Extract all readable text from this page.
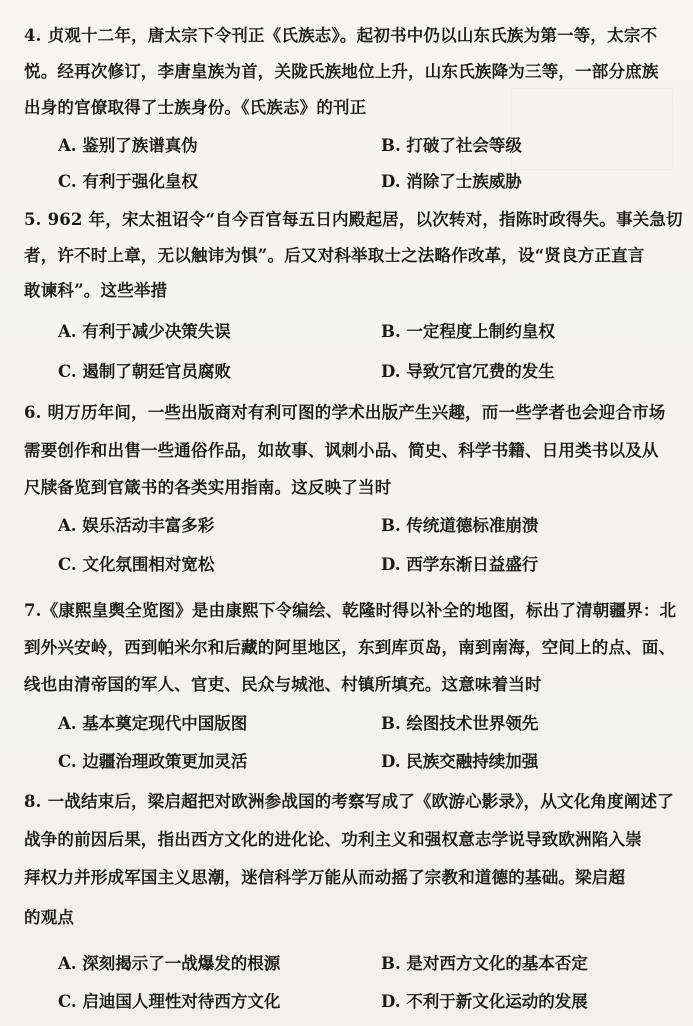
4. 贞观十二年，唐太宗下令刊正《氏族志》。起初书中仍以山东氏族为第一等，太宗不
悦。经再次修订，李唐皇族为首，关陇氏族地位上升，山东氏族降为三等，一部分庶族
出身的官僚取得了士族身份。《氏族志》的刊正
A. 鉴别了族谱真伪	B. 打破了社会等级
C. 有利于强化皇权	D. 消除了士族威胁
5. 962 年，宋太祖诏令“自今百官每五日内殿起居，以次转对，指陈时政得失。事关急切
者，许不时上章，无以触讳为惧”。后又对科举取士之法略作改革，设“贤良方正直言
敢谏科”。这些举措
A. 有利于减少决策失误	B. 一定程度上制约皇权
C. 遏制了朝廷官员腐败	D. 导致冗官冗费的发生
6. 明万历年间，一些出版商对有利可图的学术出版产生兴趣，而一些学者也会迎合市场
需要创作和出售一些通俗作品，如故事、讽刺小品、简史、科学书籍、日用类书以及从
尺牍备览到官箴书的各类实用指南。这反映了当时
A. 娱乐活动丰富多彩	B. 传统道德标准崩溃
C. 文化氛围相对宽松	D. 西学东渐日益盛行
7.《康熙皇舆全览图》是由康熙下令编绘、乾隆时得以补全的地图，标出了清朝疆界：北
到外兴安岭，西到帕米尔和后藏的阿里地区，东到库页岛，南到南海，空间上的点、面、
线也由清帝国的军人、官吏、民众与城池、村镇所填充。这意味着当时
A. 基本奠定现代中国版图	B. 绘图技术世界领先
C. 边疆治理政策更加灵活	D. 民族交融持续加强
8. 一战结束后，梁启超把对欧洲参战国的考察写成了《欧游心影录》，从文化角度阐述了
战争的前因后果，指出西方文化的进化论、功利主义和强权意志学说导致欧洲陷入崇
拜权力并形成军国主义思潮，迷信科学万能从而动摇了宗教和道德的基础。梁启超
的观点
A. 深刻揭示了一战爆发的根源	B. 是对西方文化的基本否定
C. 启迪国人理性对待西方文化	D. 不利于新文化运动的发展
